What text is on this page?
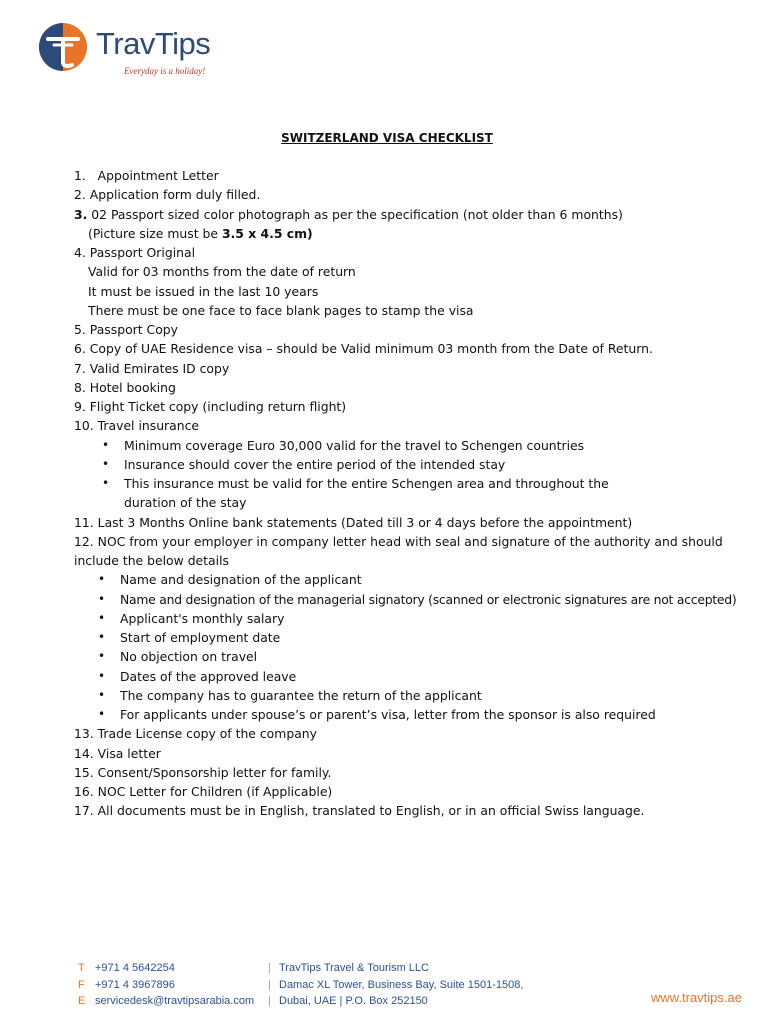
TravTips
Everyday is a holiday!
SWITZERLAND VISA CHECKLIST
1. Appointment Letter
2. Application form duly filled.
3. 02 Passport sized color photograph as per the specification (not older than 6 months)
(Picture size must be 3.5 x 4.5 cm)
4. Passport Original
Valid for 03 months from the date of return
It must be issued in the last 10 years
There must be one face to face blank pages to stamp the visa
5. Passport Copy
6. Copy of UAE Residence visa – should be Valid minimum 03 month from the Date of Return.
7. Valid Emirates ID copy
8. Hotel booking
9. Flight Ticket copy (including return flight)
10. Travel insurance
• Minimum coverage Euro 30,000 valid for the travel to Schengen countries
• Insurance should cover the entire period of the intended stay
• This insurance must be valid for the entire Schengen area and throughout the
duration of the stay
11. Last 3 Months Online bank statements (Dated till 3 or 4 days before the appointment)
12. NOC from your employer in company letter head with seal and signature of the authority and should include the below details
• Name and designation of the applicant
• Name and designation of the managerial signatory (scanned or electronic signatures are not accepted)
• Applicant's monthly salary
• Start of employment date
• No objection on travel
• Dates of the approved leave
• The company has to guarantee the return of the applicant
• For applicants under spouse’s or parent’s visa, letter from the sponsor is also required
13. Trade License copy of the company
14. Visa letter
15. Consent/Sponsorship letter for family.
16. NOC Letter for Children (if Applicable)
17. All documents must be in English, translated to English, or in an official Swiss language.
T +971 4 5642254
F +971 4 3967896
E servicedesk@travtipsarabia.com
|
|
|
TravTips Travel & Tourism LLC
Damac XL Tower, Business Bay, Suite 1501-1508,
Dubai, UAE | P.O. Box 252150	www.travtips.ae
